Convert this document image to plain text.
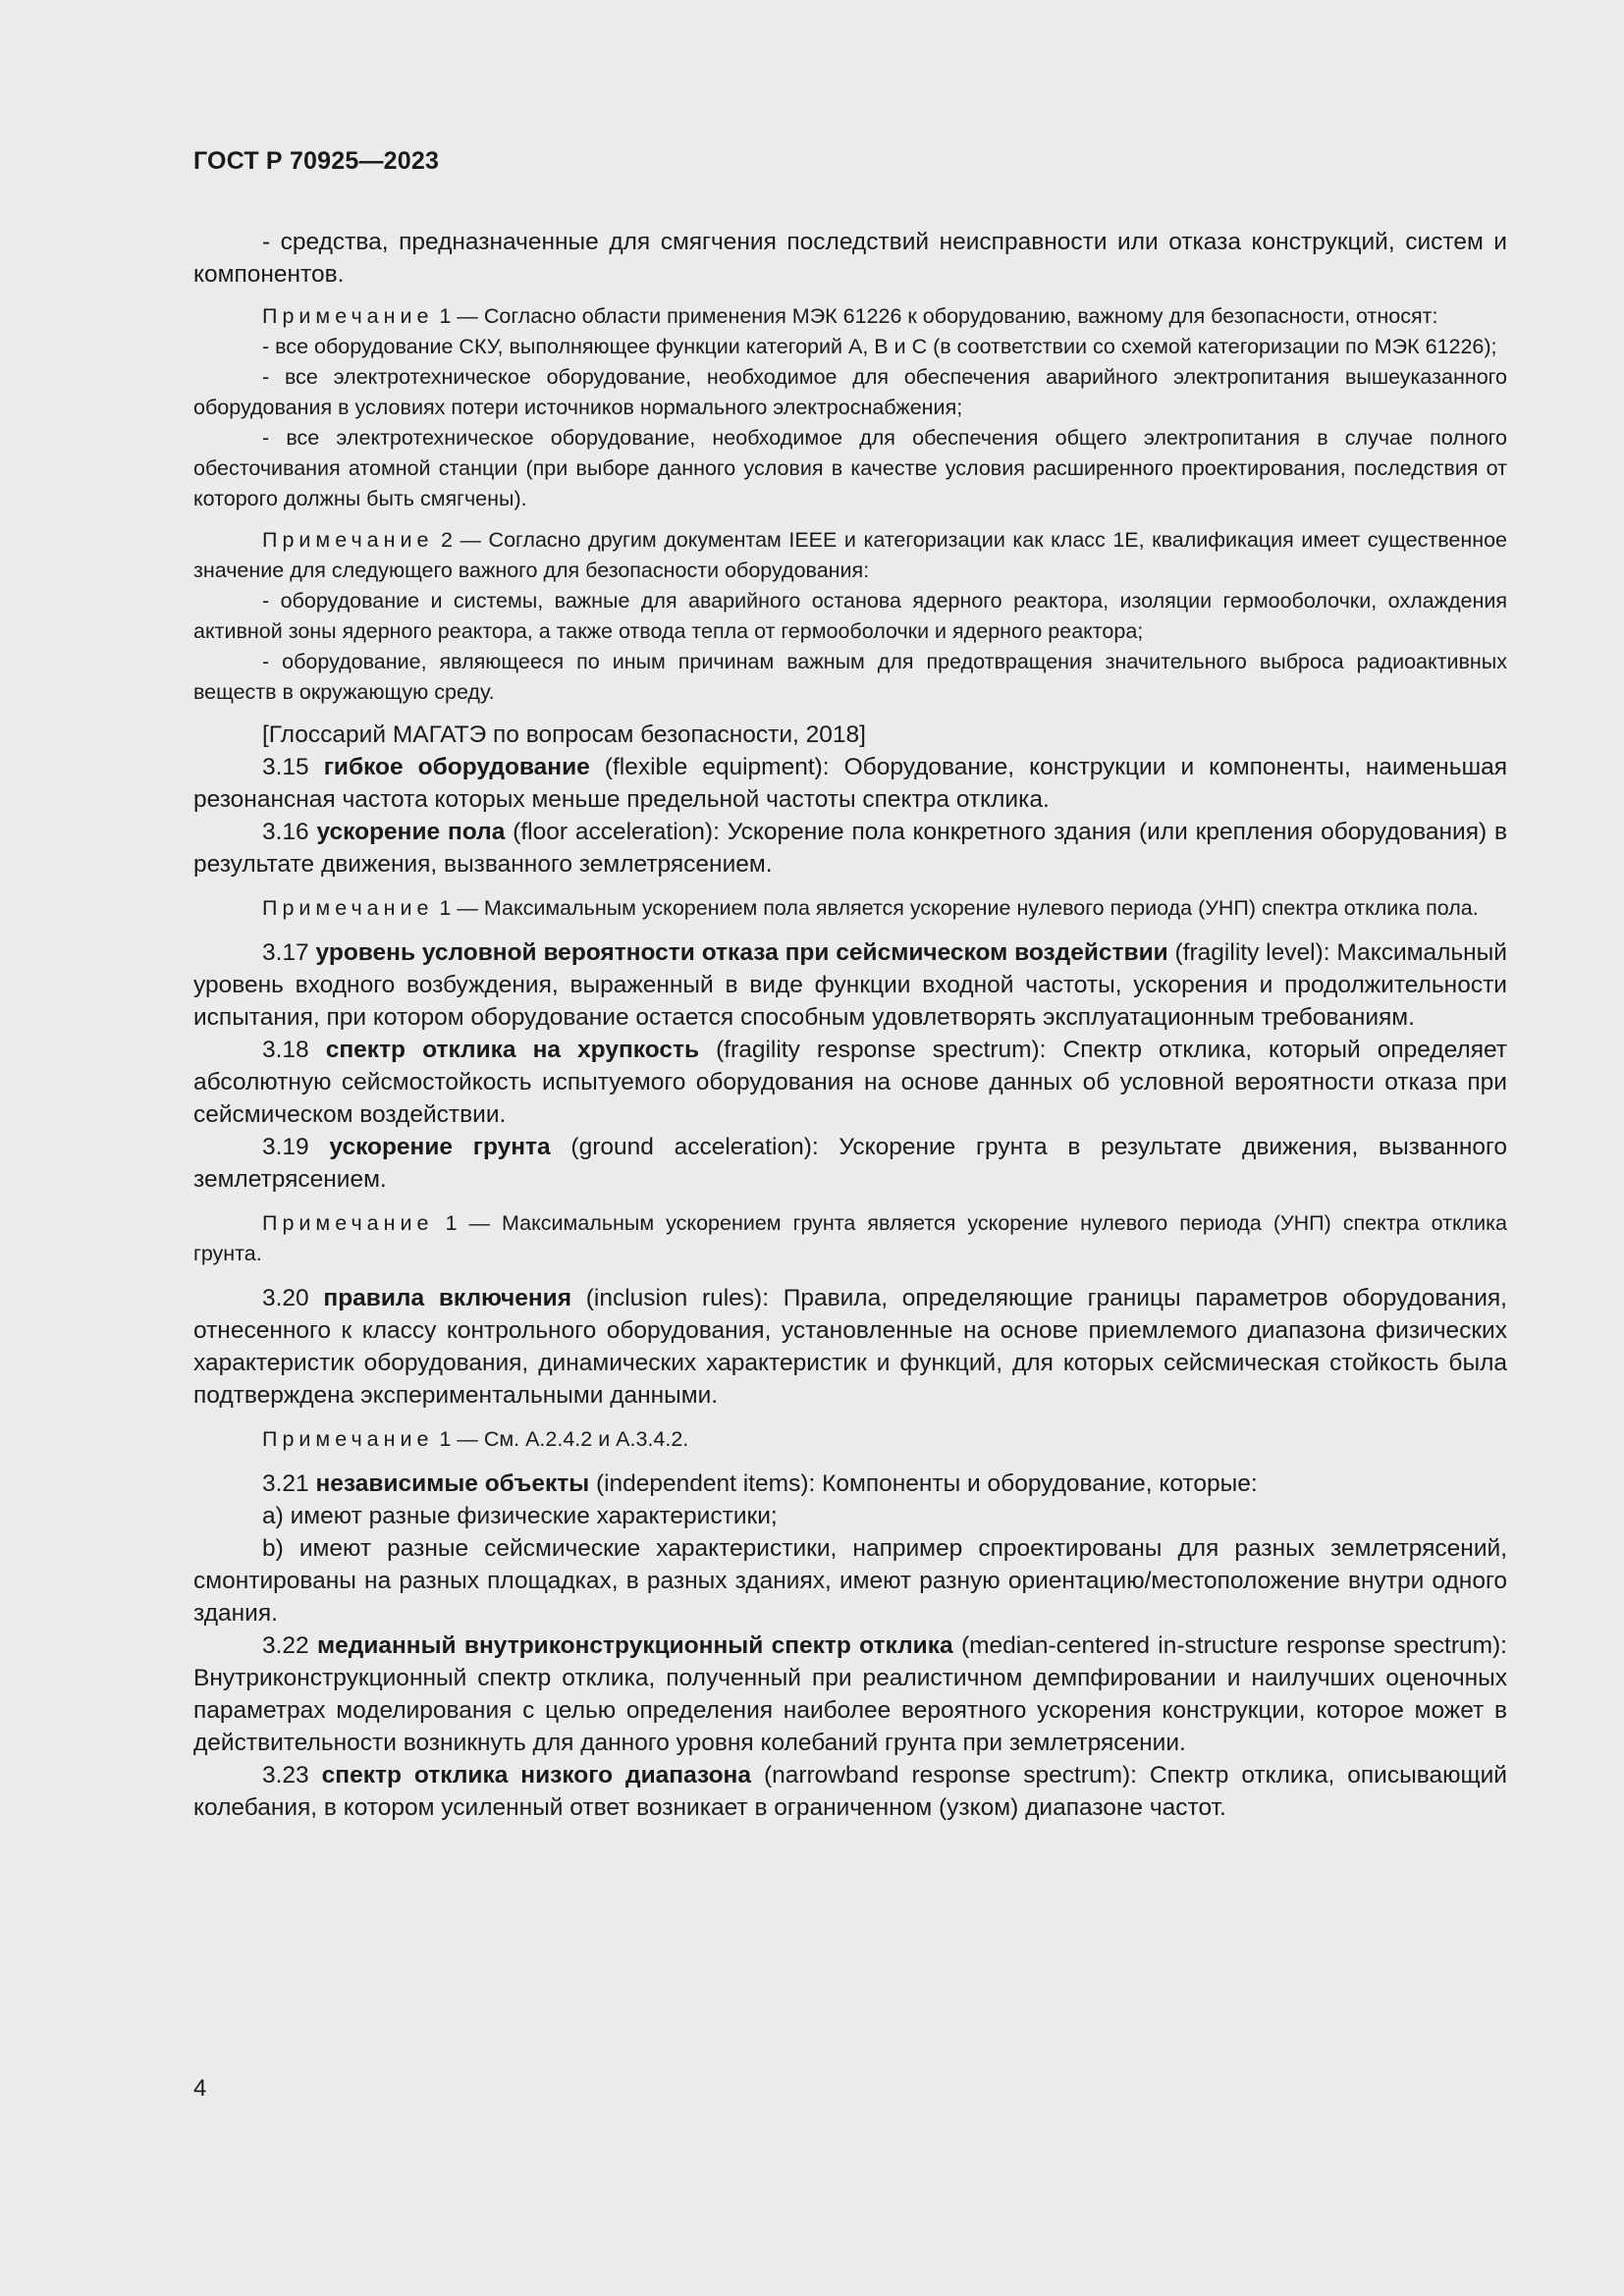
ГОСТ Р 70925—2023

- средства, предназначенные для смягчения последствий неисправности или отказа конструкций, систем и компонентов.

Примечание 1 — Согласно области применения МЭК 61226 к оборудованию, важному для безопасности, относят:

- все оборудование СКУ, выполняющее функции категорий A, B и C (в соответствии со схемой категоризации по МЭК 61226);

- все электротехническое оборудование, необходимое для обеспечения аварийного электропитания вышеуказанного оборудования в условиях потери источников нормального электроснабжения;

- все электротехническое оборудование, необходимое для обеспечения общего электропитания в случае полного обесточивания атомной станции (при выборе данного условия в качестве условия расширенного проектирования, последствия от которого должны быть смягчены).

Примечание 2 — Согласно другим документам IEEE и категоризации как класс 1E, квалификация имеет существенное значение для следующего важного для безопасности оборудования:

- оборудование и системы, важные для аварийного останова ядерного реактора, изоляции гермооболочки, охлаждения активной зоны ядерного реактора, а также отвода тепла от гермооболочки и ядерного реактора;

- оборудование, являющееся по иным причинам важным для предотвращения значительного выброса радиоактивных веществ в окружающую среду.

[Глоссарий МАГАТЭ по вопросам безопасности, 2018]

3.15 гибкое оборудование (flexible equipment): Оборудование, конструкции и компоненты, наименьшая резонансная частота которых меньше предельной частоты спектра отклика.

3.16 ускорение пола (floor acceleration): Ускорение пола конкретного здания (или крепления оборудования) в результате движения, вызванного землетрясением.

Примечание 1 — Максимальным ускорением пола является ускорение нулевого периода (УНП) спектра отклика пола.

3.17 уровень условной вероятности отказа при сейсмическом воздействии (fragility level): Максимальный уровень входного возбуждения, выраженный в виде функции входной частоты, ускорения и продолжительности испытания, при котором оборудование остается способным удовлетворять эксплуатационным требованиям.

3.18 спектр отклика на хрупкость (fragility response spectrum): Спектр отклика, который определяет абсолютную сейсмостойкость испытуемого оборудования на основе данных об условной вероятности отказа при сейсмическом воздействии.

3.19 ускорение грунта (ground acceleration): Ускорение грунта в результате движения, вызванного землетрясением.

Примечание 1 — Максимальным ускорением грунта является ускорение нулевого периода (УНП) спектра отклика грунта.

3.20 правила включения (inclusion rules): Правила, определяющие границы параметров оборудования, отнесенного к классу контрольного оборудования, установленные на основе приемлемого диапазона физических характеристик оборудования, динамических характеристик и функций, для которых сейсмическая стойкость была подтверждена экспериментальными данными.

Примечание 1 — См. A.2.4.2 и A.3.4.2.

3.21 независимые объекты (independent items): Компоненты и оборудование, которые:

a) имеют разные физические характеристики;

b) имеют разные сейсмические характеристики, например спроектированы для разных землетрясений, смонтированы на разных площадках, в разных зданиях, имеют разную ориентацию/местоположение внутри одного здания.

3.22 медианный внутриконструкционный спектр отклика (median-centered in-structure response spectrum): Внутриконструкционный спектр отклика, полученный при реалистичном демпфировании и наилучших оценочных параметрах моделирования с целью определения наиболее вероятного ускорения конструкции, которое может в действительности возникнуть для данного уровня колебаний грунта при землетрясении.

3.23 спектр отклика низкого диапазона (narrowband response spectrum): Спектр отклика, описывающий колебания, в котором усиленный ответ возникает в ограниченном (узком) диапазоне частот.

4
